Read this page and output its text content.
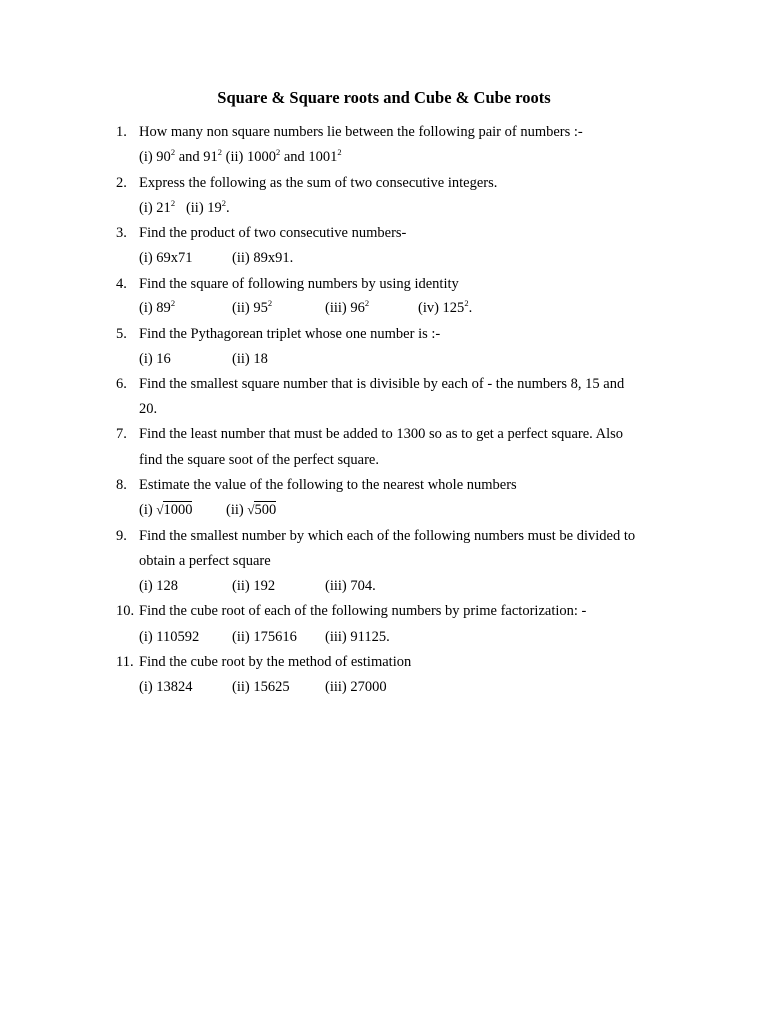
Square & Square roots and Cube & Cube roots
1. How many non square numbers lie between the following pair of numbers :-
(i) $90^2$ and $91^2$ (ii) 1000$^2$ and 1001$^2$
2. Express the following as the sum of two consecutive integers.
(i) $21^2$ (ii) $19^2$.
3. Find the product of two consecutive numbers-
(i) 69x71	(ii) 89x91.
4. Find the square of following numbers by using identity
(i) $89^2$	(ii) $95^2$	(iii) $96^2$	(iv) $125^2$.
5. Find the Pythagorean triplet whose one number is :-
(i) 16	(ii) 18
6. Find the smallest square number that is divisible by each of - the numbers 8, 15 and
20.
7. Find the least number that must be added to 1300 so as to get a perfect square. Also
find the square soot of the perfect square.
8. Estimate the value of the following to the nearest whole numbers
(i) √1000 (ii) √500
9. Find the smallest number by which each of the following numbers must be divided to
obtain a perfect square
(i) 128	(ii) 192	(iii) 704.
10. Find the cube root of each of the following numbers by prime factorization: -
(i) 110592 (ii) 175616 (iii) 91125.
11. Find the cube root by the method of estimation
(i) 13824	(ii) 15625 (iii) 27000
